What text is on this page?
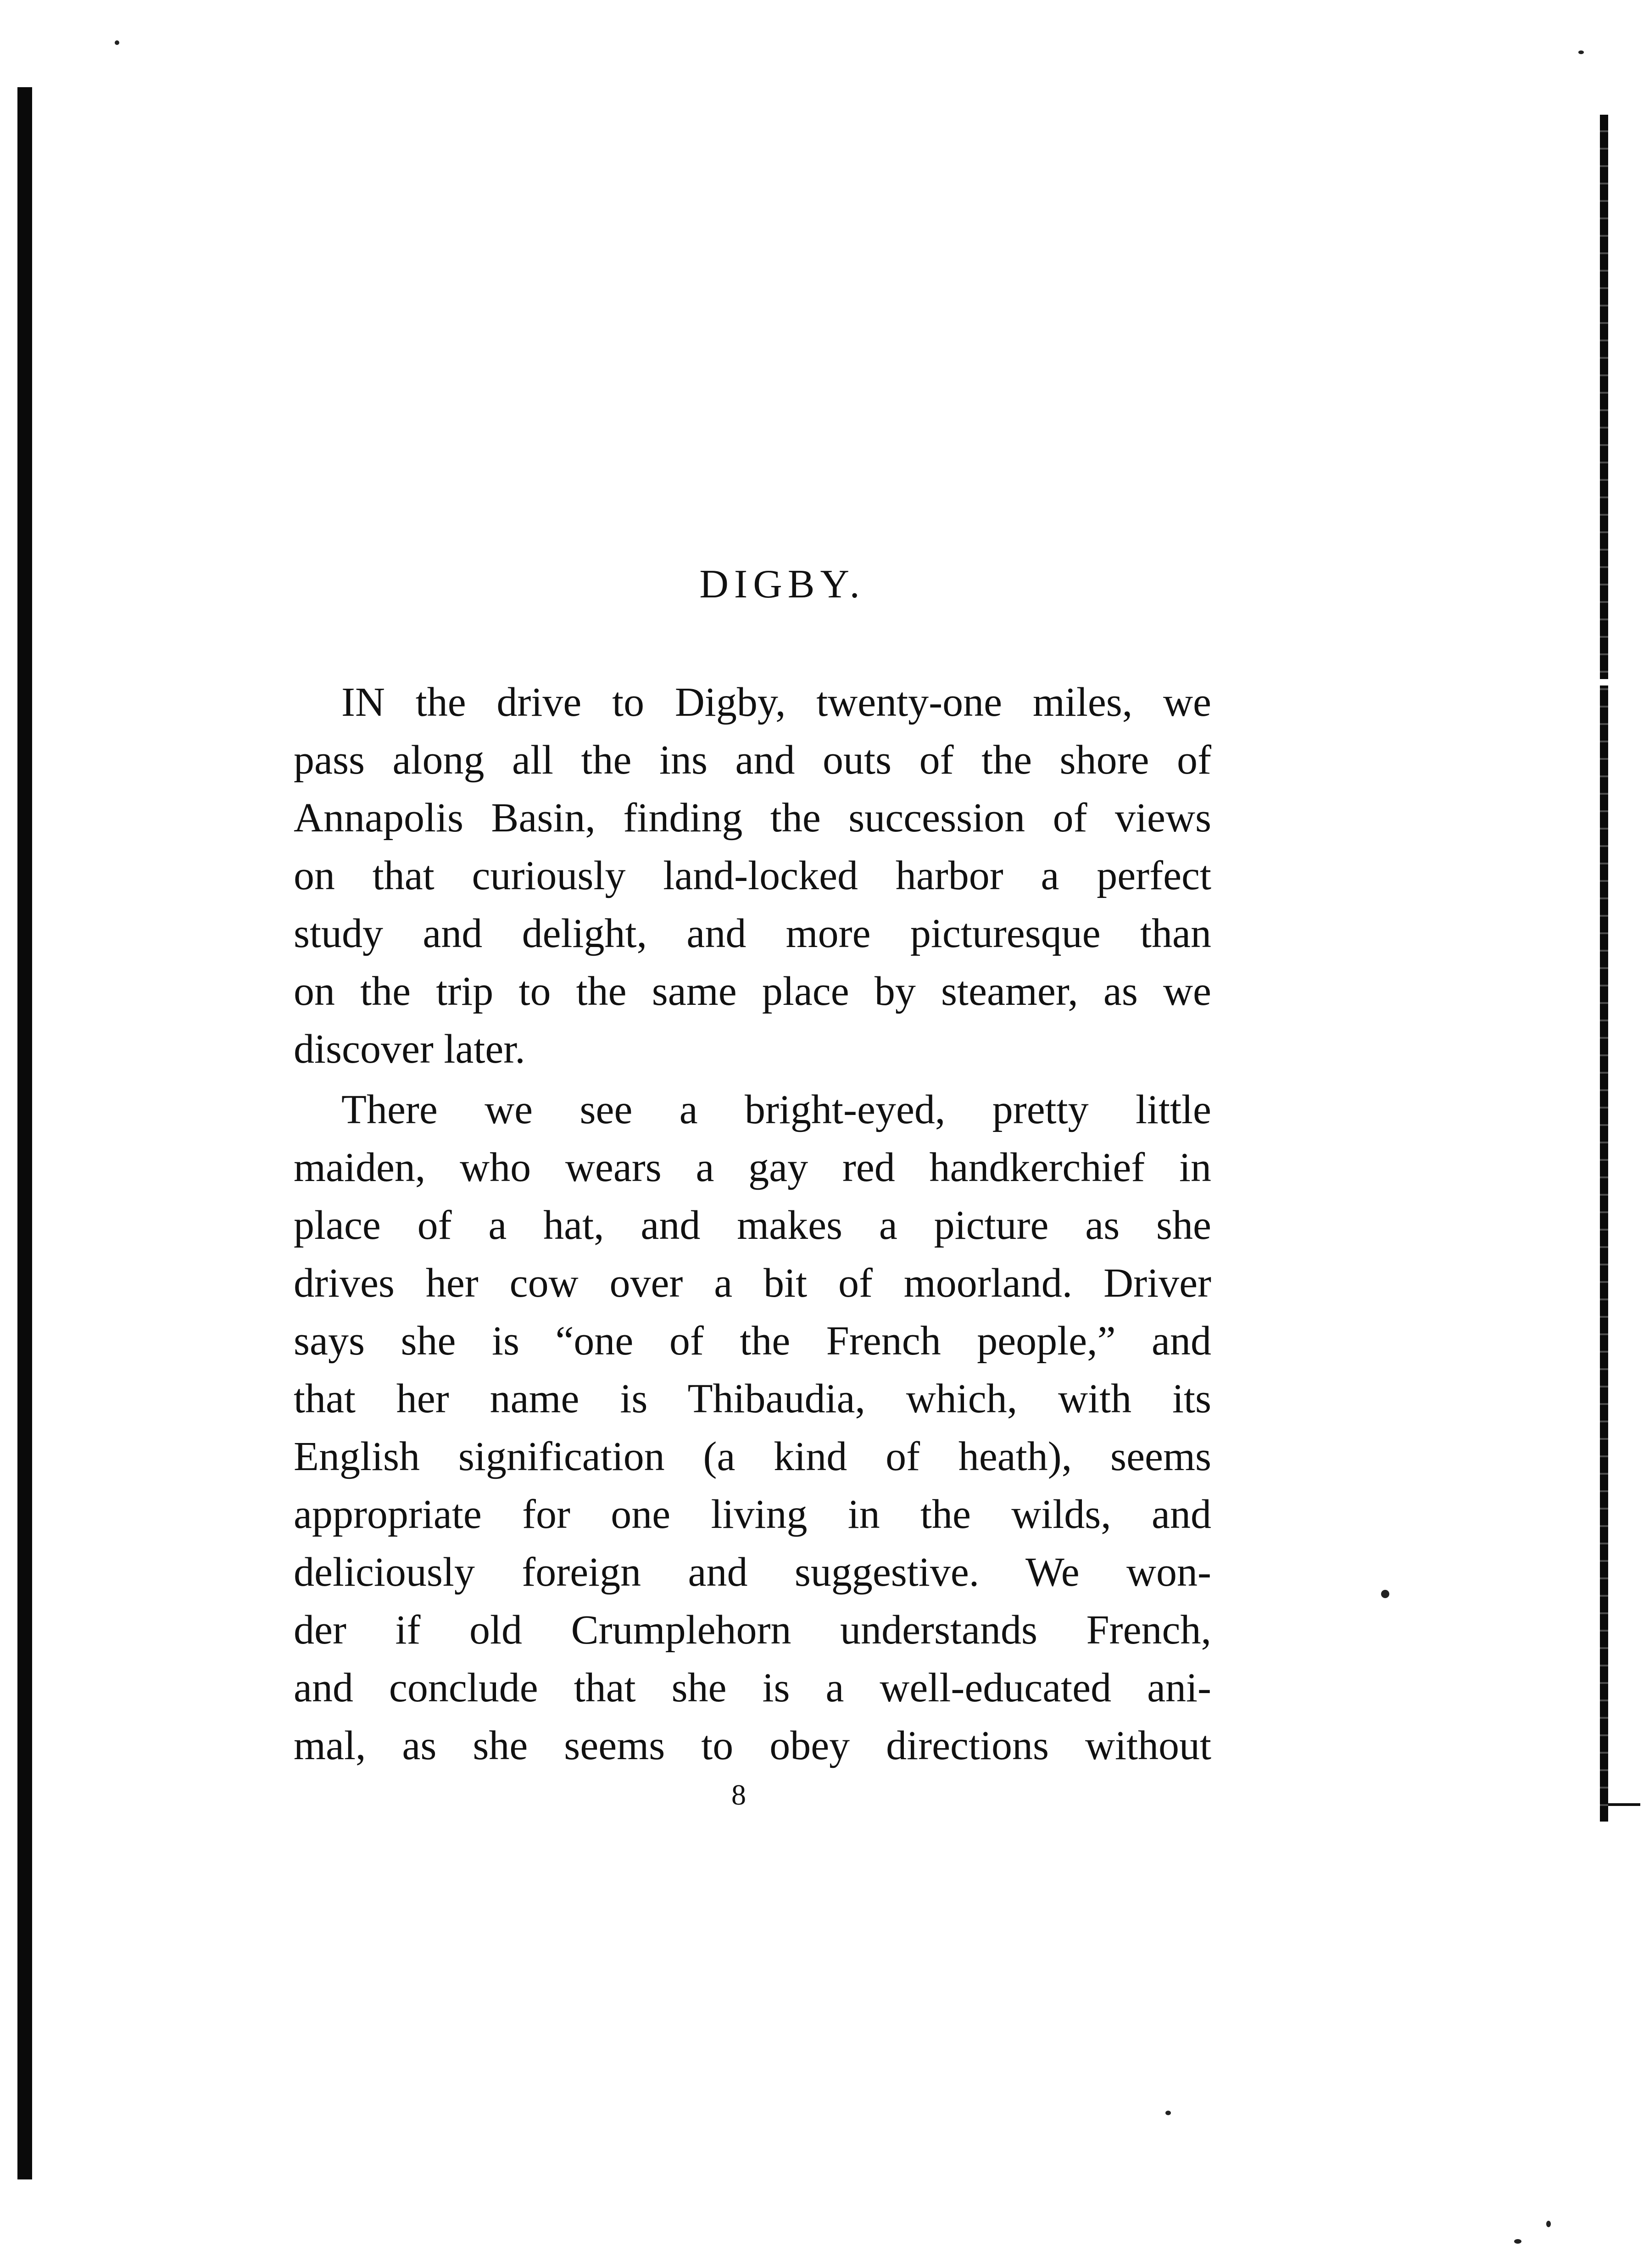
DIGBY.
IN the drive to Digby, twenty-one miles, we
pass along all the ins and outs of the shore of
Annapolis Basin, finding the succession of views
on that curiously land-locked harbor a perfect
study and delight, and more picturesque than
on the trip to the same place by steamer, as we
discover later.
There we see a bright-eyed, pretty little
maiden, who wears a gay red handkerchief in
place of a hat, and makes a picture as she
drives her cow over a bit of moorland. Driver
says she is “one of the French people,” and
that her name is Thibaudia, which, with its
English signification (a kind of heath), seems
appropriate for one living in the wilds, and
deliciously foreign and suggestive. We won-
der if old Crumplehorn understands French,
and conclude that she is a well-educated ani-
mal, as she seems to obey directions without
8
